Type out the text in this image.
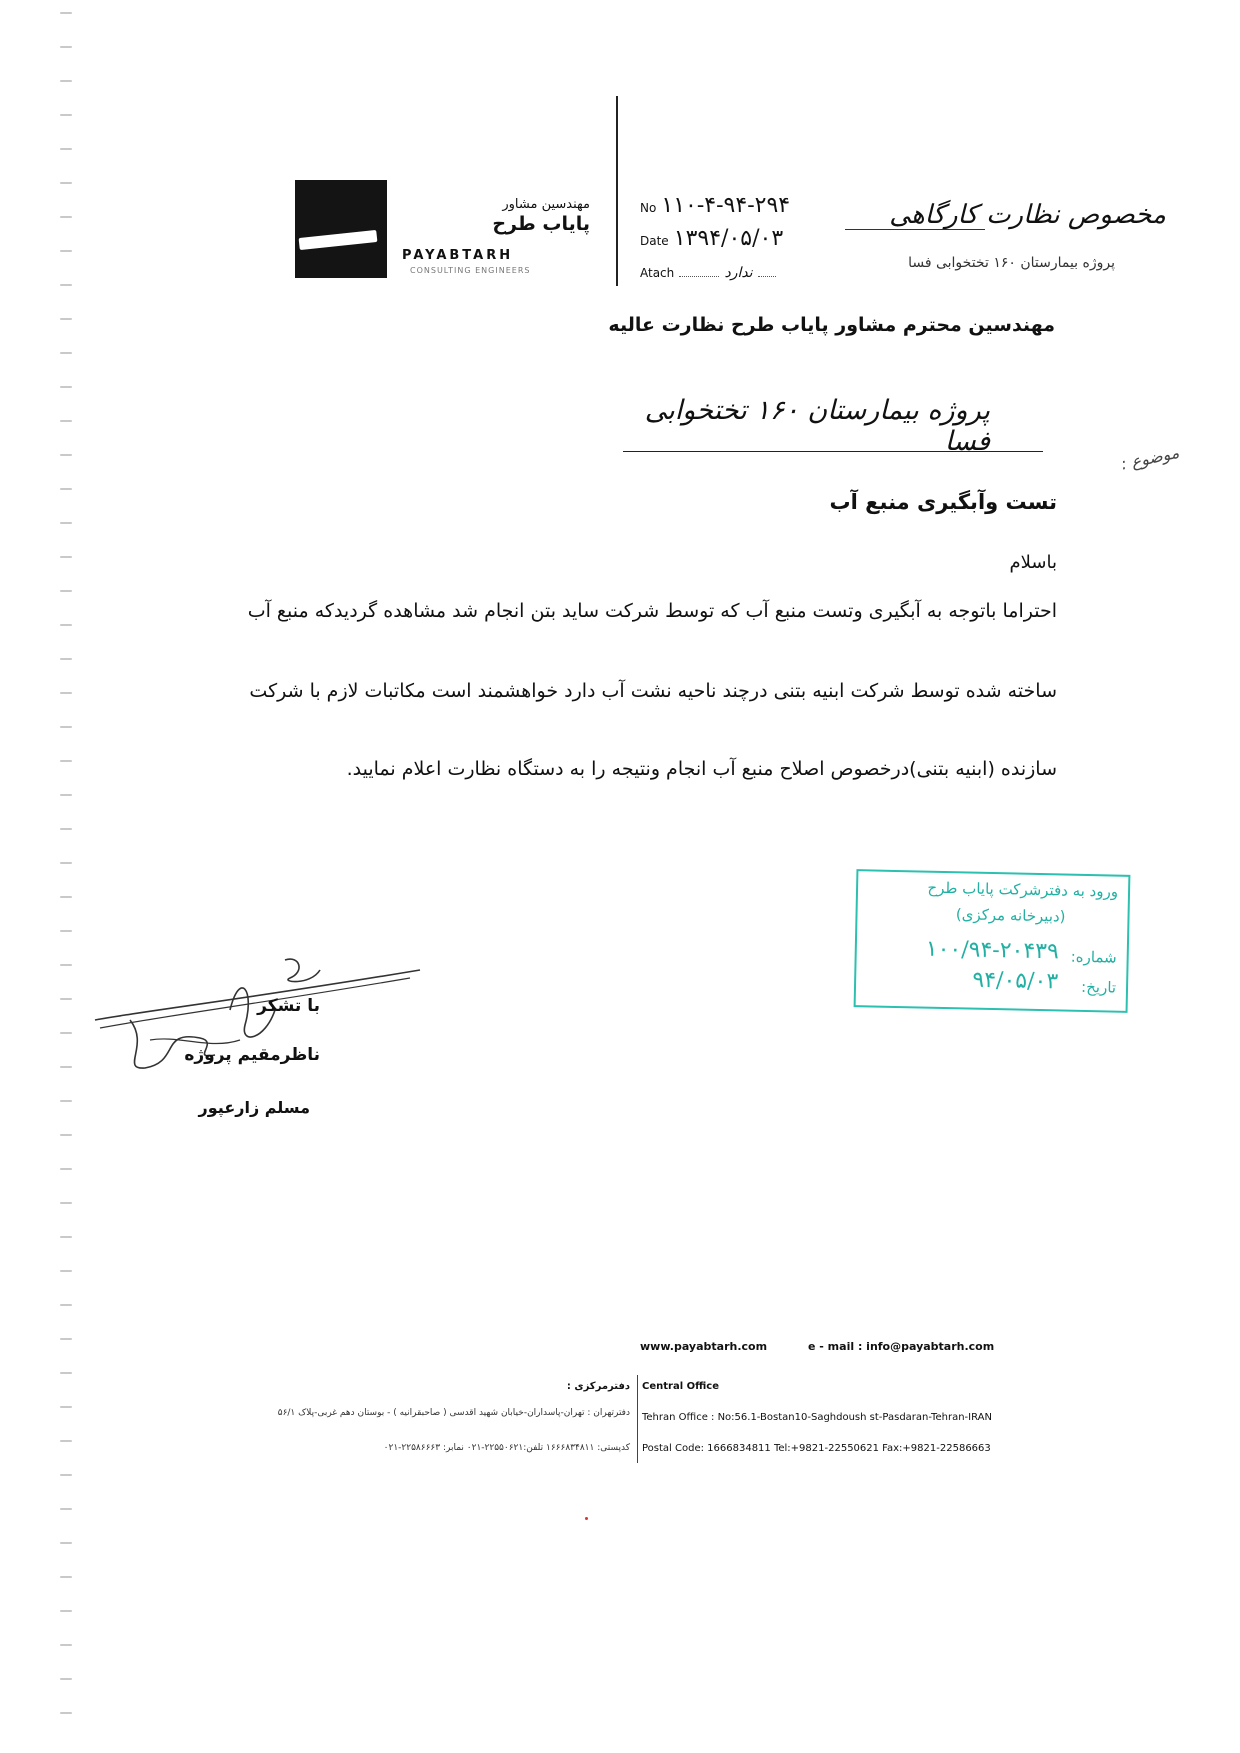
مهندسین مشاور
پایاب طرح
PAYABTARH
CONSULTING ENGINEERS
No ۱۱۰-۴-۹۴-۲۹۴
Date ۱۳۹۴/۰۵/۰۳
Atach	ندارد
مخصوص نظارت کارگاهی
پروژه بیمارستان ۱۶۰ تختخوابی فسا
مهندسین محترم مشاور پایاب طرح نظارت عالیه
پروژه بیمارستان ۱۶۰ تختخوابی فسا
موضوع :
تست وآبگیری منبع آب
باسلام
احتراما باتوجه به آبگیری وتست منبع آب که توسط شرکت ساید بتن انجام شد مشاهده گردیدکه منبع آب
ساخته شده توسط شرکت ابنیه بتنی درچند ناحیه نشت آب دارد خواهشمند است مکاتبات لازم با شرکت
سازنده (ابنیه بتنی)درخصوص اصلاح منبع آب انجام ونتیجه را به دستگاه نظارت اعلام نمایید.
ورود به دفترشرکت پایاب طرح
(دبیرخانه مرکزی)
شماره:
۱۰۰/۹۴-۲۰۴۳۹
تاریخ:
۹۴/۰۵/۰۳
با تشکر
ناظرمقیم پروژه
مسلم زارعپور
www.payabtarh.com	e - mail : info@payabtarh.com
Central Office
Tehran Office : No:56.1-Bostan10-Saghdoush st-Pasdaran-Tehran-IRAN
Postal Code: 1666834811 Tel:+9821-22550621 Fax:+9821-22586663
دفترمرکزی :
دفترتهران : تهران-پاسداران-خیابان شهید اقدسی ( صاحبقرانیه ) - بوستان دهم غربی-پلاک ۵۶/۱
کدپستی: ۱۶۶۶۸۳۴۸۱۱ تلفن:۲۲۵۵۰۶۲۱-۰۲۱ نمابر: ۲۲۵۸۶۶۶۳-۰۲۱
